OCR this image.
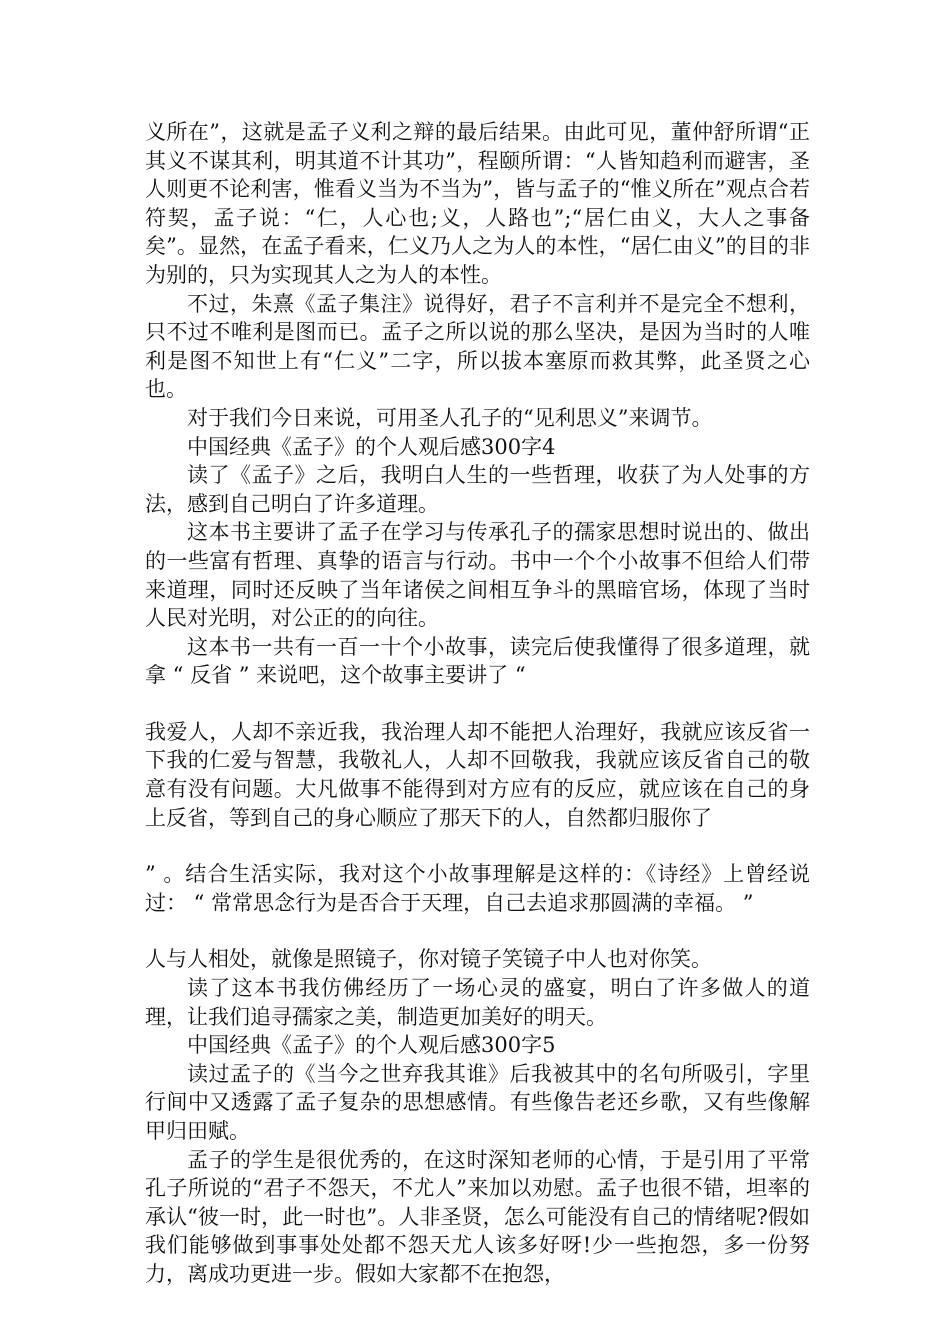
义所在”，这就是孟子义利之辩的最后结果。由此可见，董仲舒所谓“正其义不谋其利，明其道不计其功”，程颐所谓：“人皆知趋利而避害，圣人则更不论利害，惟看义当为不当为”，皆与孟子的“惟义所在”观点合若符契，孟子说：“仁，人心也;义，人路也”;“居仁由义，大人之事备矣”。显然，在孟子看来，仁义乃人之为人的本性，“居仁由义”的目的非为别的，只为实现其人之为人的本性。

不过，朱熹《孟子集注》说得好，君子不言利并不是完全不想利，只不过不唯利是图而已。孟子之所以说的那么坚决，是因为当时的人唯利是图不知世上有“仁义”二字，所以拔本塞原而救其弊，此圣贤之心也。

对于我们今日来说，可用圣人孔子的“见利思义”来调节。

中国经典《孟子》的个人观后感300字4

读了《孟子》之后，我明白人生的一些哲理，收获了为人处事的方法，感到自己明白了许多道理。

这本书主要讲了孟子在学习与传承孔子的孺家思想时说出的、做出的一些富有哲理、真挚的语言与行动。书中一个个小故事不但给人们带来道理，同时还反映了当年诸侯之间相互争斗的黑暗官场，体现了当时人民对光明，对公正的的向往。

这本书一共有一百一十个小故事，读完后使我懂得了很多道理，就拿 “ 反省 ” 来说吧，这个故事主要讲了 “

我爱人，人却不亲近我，我治理人却不能把人治理好，我就应该反省一下我的仁爱与智慧，我敬礼人，人却不回敬我，我就应该反省自己的敬意有没有问题。大凡做事不能得到对方应有的反应，就应该在自己的身上反省，等到自己的身心顺应了那天下的人，自然都归服你了

” 。结合生活实际，我对这个小故事理解是这样的：《诗经》上曾经说过： “ 常常思念行为是否合于天理，自己去追求那圆满的幸福。 ”

人与人相处，就像是照镜子，你对镜子笑镜子中人也对你笑。

读了这本书我仿佛经历了一场心灵的盛宴，明白了许多做人的道理，让我们追寻孺家之美，制造更加美好的明天。

中国经典《孟子》的个人观后感300字5

读过孟子的《当今之世弃我其谁》后我被其中的名句所吸引，字里行间中又透露了孟子复杂的思想感情。有些像告老还乡歌，又有些像解甲归田赋。

孟子的学生是很优秀的，在这时深知老师的心情，于是引用了平常孔子所说的“君子不怨天，不尤人”来加以劝慰。孟子也很不错，坦率的承认“彼一时，此一时也”。人非圣贤，怎么可能没有自己的情绪呢?假如我们能够做到事事处处都不怨天尤人该多好呀!少一些抱怨，多一份努力，离成功更进一步。假如大家都不在抱怨，
